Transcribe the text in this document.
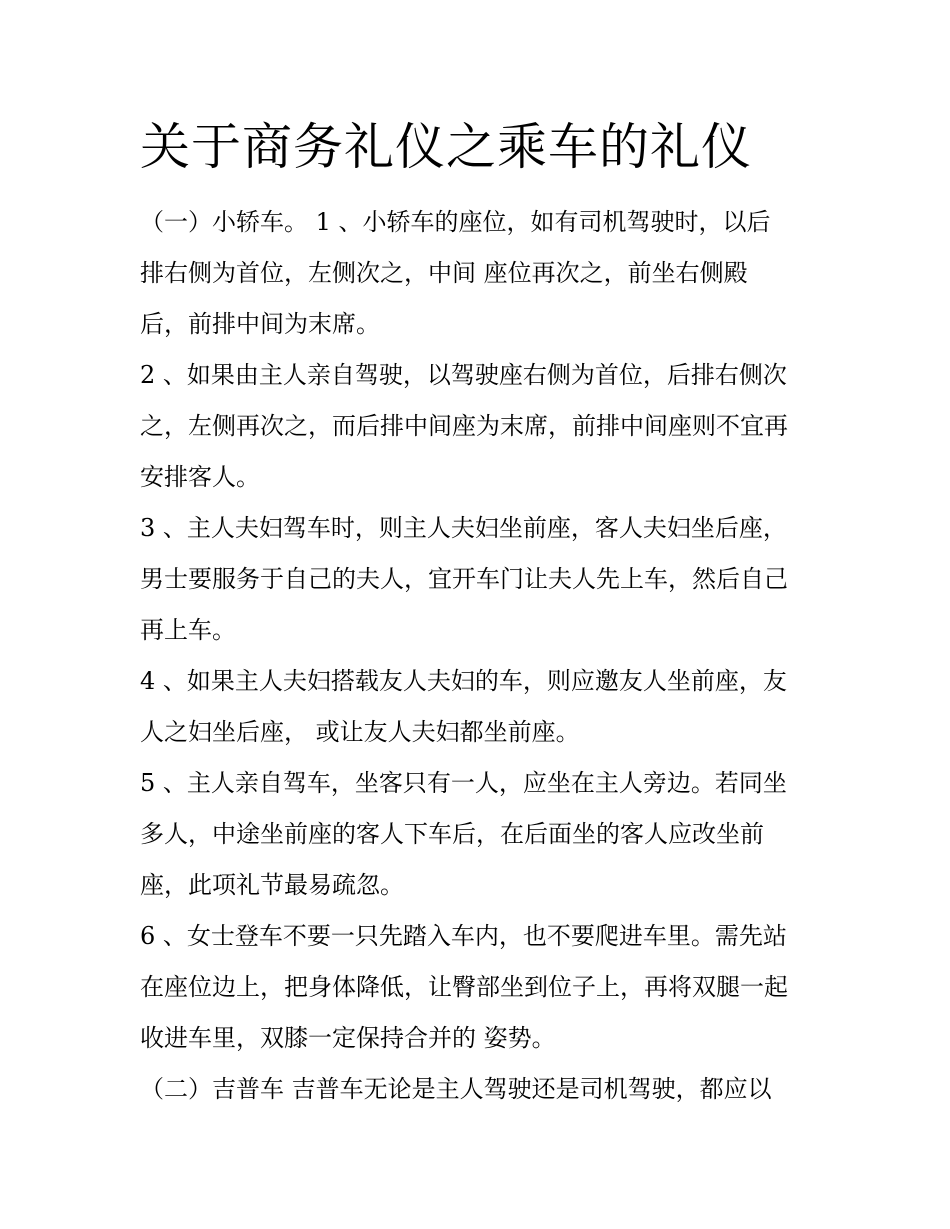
关于商务礼仪之乘车的礼仪
（一）小轿车。 1 、小轿车的座位，如有司机驾驶时，以后
排右侧为首位，左侧次之，中间 座位再次之，前坐右侧殿
后，前排中间为末席。
2 、如果由主人亲自驾驶，以驾驶座右侧为首位，后排右侧次
之，左侧再次之，而后排中间座为末席，前排中间座则不宜再
安排客人。
3 、主人夫妇驾车时，则主人夫妇坐前座，客人夫妇坐后座，
男士要服务于自己的夫人，宜开车门让夫人先上车，然后自己
再上车。
4 、如果主人夫妇搭载友人夫妇的车，则应邀友人坐前座，友
人之妇坐后座， 或让友人夫妇都坐前座。
5 、主人亲自驾车，坐客只有一人，应坐在主人旁边。若同坐
多人，中途坐前座的客人下车后，在后面坐的客人应改坐前
座，此项礼节最易疏忽。
6 、女士登车不要一只先踏入车内，也不要爬进车里。需先站
在座位边上，把身体降低，让臀部坐到位子上，再将双腿一起
收进车里，双膝一定保持合并的 姿势。
（二）吉普车 吉普车无论是主人驾驶还是司机驾驶，都应以
